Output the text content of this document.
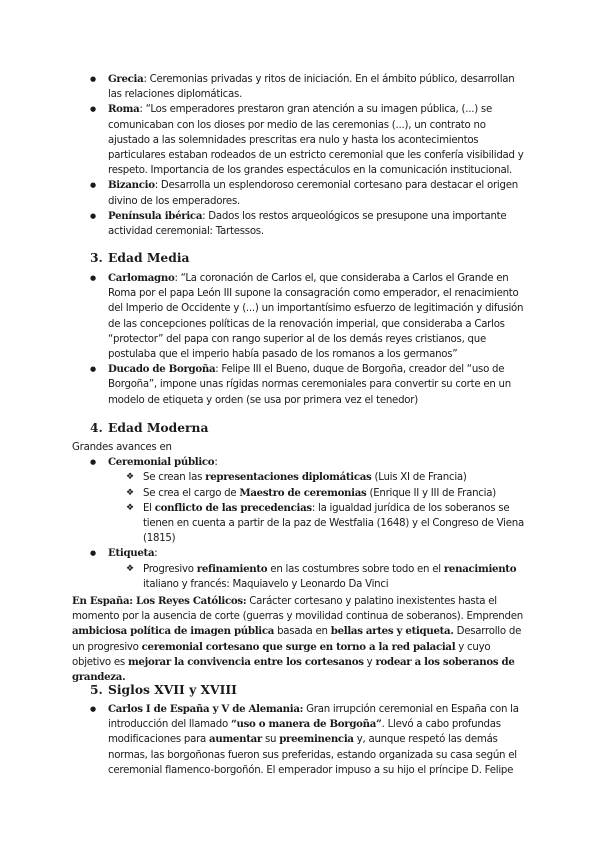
● Grecia: Ceremonias privadas y ritos de iniciación. En el ámbito público, desarrollan las relaciones diplomáticas.
● Roma: “Los emperadores prestaron gran atención a su imagen pública, (...) se comunicaban con los dioses por medio de las ceremonias (...), un contrato no ajustado a las solemnidades prescritas era nulo y hasta los acontecimientos particulares estaban rodeados de un estricto ceremonial que les confería visibilidad y respeto. Importancia de los grandes espectáculos en la comunicación institucional.
● Bizancio: Desarrolla un esplendoroso ceremonial cortesano para destacar el origen divino de los emperadores.
● Península ibérica: Dados los restos arqueológicos se presupone una importante actividad ceremonial: Tartessos.

3. Edad Media

● Carlomagno: “La coronación de Carlos el, que consideraba a Carlos el Grande en Roma por el papa León III supone la consagración como emperador, el renacimiento del Imperio de Occidente y (...) un importantísimo esfuerzo de legitimación y difusión de las concepciones políticas de la renovación imperial, que consideraba a Carlos “protector” del papa con rango superior al de los demás reyes cristianos, que postulaba que el imperio había pasado de los romanos a los germanos”
● Ducado de Borgoña: Felipe III el Bueno, duque de Borgoña, creador del “uso de Borgoña”, impone unas rígidas normas ceremoniales para convertir su corte en un modelo de etiqueta y orden (se usa por primera vez el tenedor)

4. Edad Moderna

Grandes avances en
● Ceremonial público:
❖ Se crean las representaciones diplomáticas (Luis XI de Francia)
❖ Se crea el cargo de Maestro de ceremonias (Enrique II y III de Francia)
❖ El conflicto de las precedencias: la igualdad jurídica de los soberanos se tienen en cuenta a partir de la paz de Westfalia (1648) y el Congreso de Viena (1815)
● Etiqueta:
❖ Progresivo refinamiento en las costumbres sobre todo en el renacimiento italiano y francés: Maquiavelo y Leonardo Da Vinci

En España: Los Reyes Católicos: Carácter cortesano y palatino inexistentes hasta el momento por la ausencia de corte (guerras y movilidad continua de soberanos). Emprenden ambiciosa política de imagen pública basada en bellas artes y etiqueta. Desarrollo de un progresivo ceremonial cortesano que surge en torno a la red palacial y cuyo objetivo es mejorar la convivencia entre los cortesanos y rodear a los soberanos de grandeza.

5. Siglos XVII y XVIII

● Carlos I de España y V de Alemania: Gran irrupción ceremonial en España con la introducción del llamado “uso o manera de Borgoña”. Llevó a cabo profundas modificaciones para aumentar su preeminencia y, aunque respetó las demás normas, las borgoñonas fueron sus preferidas, estando organizada su casa según el ceremonial flamenco-borgoñón. El emperador impuso a su hijo el príncipe D. Felipe
